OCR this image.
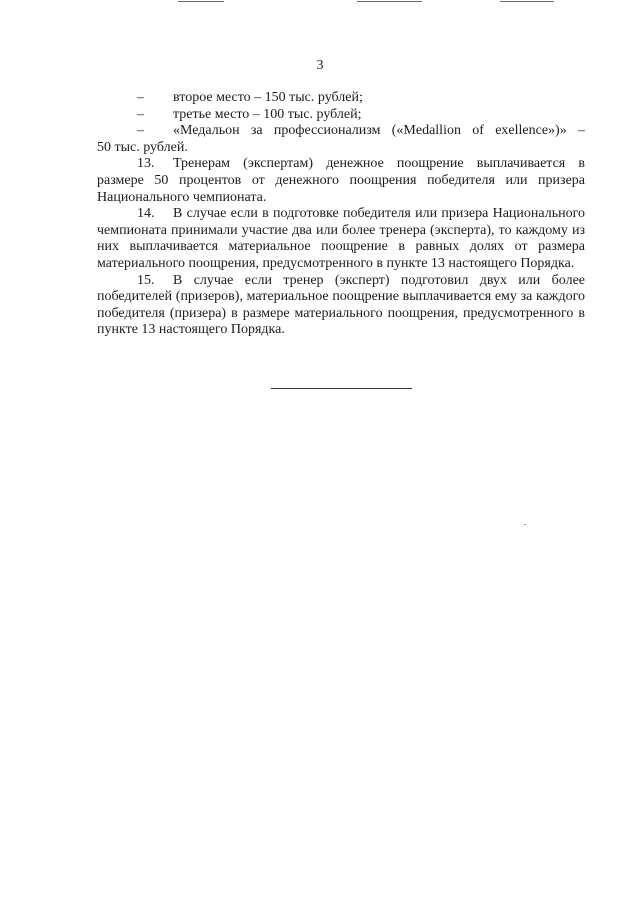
3
– второе место – 150 тыс. рублей;
– третье место – 100 тыс. рублей;
– «Медальон за профессионализм («Medallion of exellence»)» –
50 тыс. рублей.

13. Тренерам (экспертам) денежное поощрение выплачивается в размере 50 процентов от денежного поощрения победителя или призера Национального чемпионата.

14. В случае если в подготовке победителя или призера Национального чемпионата принимали участие два или более тренера (эксперта), то каждому из них выплачивается материальное поощрение в равных долях от размера материального поощрения, предусмотренного в пункте 13 настоящего Порядка.

15. В случае если тренер (эксперт) подготовил двух или более победителей (призеров), материальное поощрение выплачивается ему за каждого победителя (призера) в размере материального поощрения, предусмотренного в пункте 13 настоящего Порядка.
